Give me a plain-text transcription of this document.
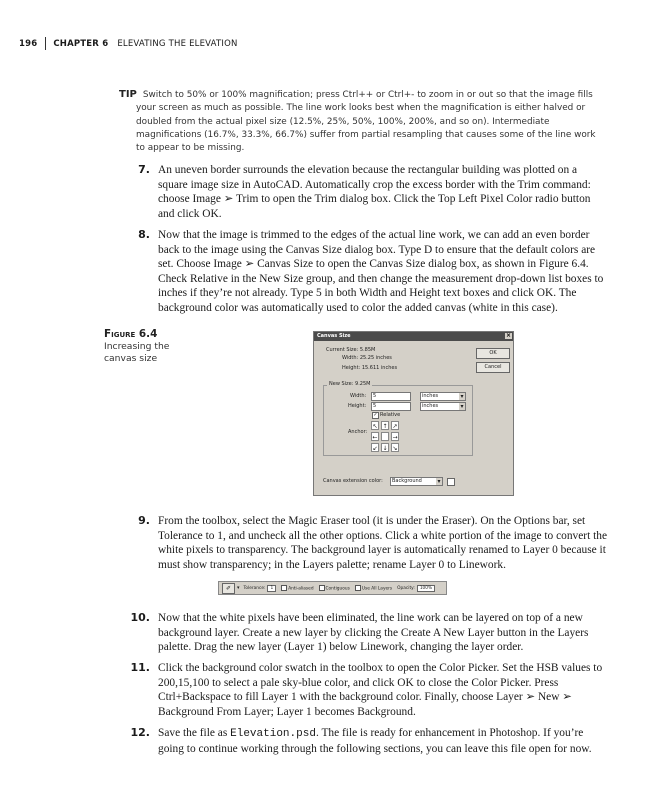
196 CHAPTER 6 ELEVATING THE ELEVATION
TIP Switch to 50% or 100% magnification; press Ctrl++ or Ctrl+- to zoom in or out so that the image fills your screen as much as possible. The line work looks best when the magnification is either halved or doubled from the actual pixel size (12.5%, 25%, 50%, 100%, 200%, and so on). Intermediate magnifications (16.7%, 33.3%, 66.7%) suffer from partial resampling that causes some of the line work to appear to be missing.
7. An uneven border surrounds the elevation because the rectangular building was plotted on a square image size in AutoCAD. Automatically crop the excess border with the Trim command: choose Image ➢ Trim to open the Trim dialog box. Click the Top Left Pixel Color radio button and click OK.
8. Now that the image is trimmed to the edges of the actual line work, we can add an even border back to the image using the Canvas Size dialog box. Type D to ensure that the default colors are set. Choose Image ➢ Canvas Size to open the Canvas Size dialog box, as shown in Figure 6.4. Check Relative in the New Size group, and then change the measurement drop-down list boxes to inches if they’re not already. Type 5 in both Width and Height text boxes and click OK. The background color was automatically used to color the added canvas (white in this case).
Figure 6.4
Increasing the
canvas size
Canvas Size	×
Current Size: 5.85M
Width: 25.25 inches
Height: 15.611 inches
OK
Cancel
New Size: 9.25M
Width:	5	inches ▾
Height:	5	inches ▾
✓ Relative
Anchor:
↖ ↑ ↗
← →
↙ ↓ ↘
Canvas extension color:	Background ▾
9. From the toolbox, select the Magic Eraser tool (it is under the Eraser). On the Options bar, set Tolerance to 1, and uncheck all the other options. Click a white portion of the image to convert the white pixels to transparency. The background layer is automatically renamed to Layer 0 because it must show transparency; in the Layers palette; rename Layer 0 to Linework.
✐	▾ Tolerance:	1	Anti-aliased	Contiguous	Use All Layers Opacity:	100%
10. Now that the white pixels have been eliminated, the line work can be layered on top of a new background layer. Create a new layer by clicking the Create A New Layer button in the Layers palette. Drag the new layer (Layer 1) below Linework, changing the layer order.
11. Click the background color swatch in the toolbox to open the Color Picker. Set the HSB values to 200,15,100 to select a pale sky-blue color, and click OK to close the Color Picker. Press Ctrl+Backspace to fill Layer 1 with the background color. Finally, choose Layer ➢ New ➢ Background From Layer; Layer 1 becomes Background.
12. Save the file as Elevation.psd. The file is ready for enhancement in Photoshop. If you’re going to continue working through the following sections, you can leave this file open for now.
